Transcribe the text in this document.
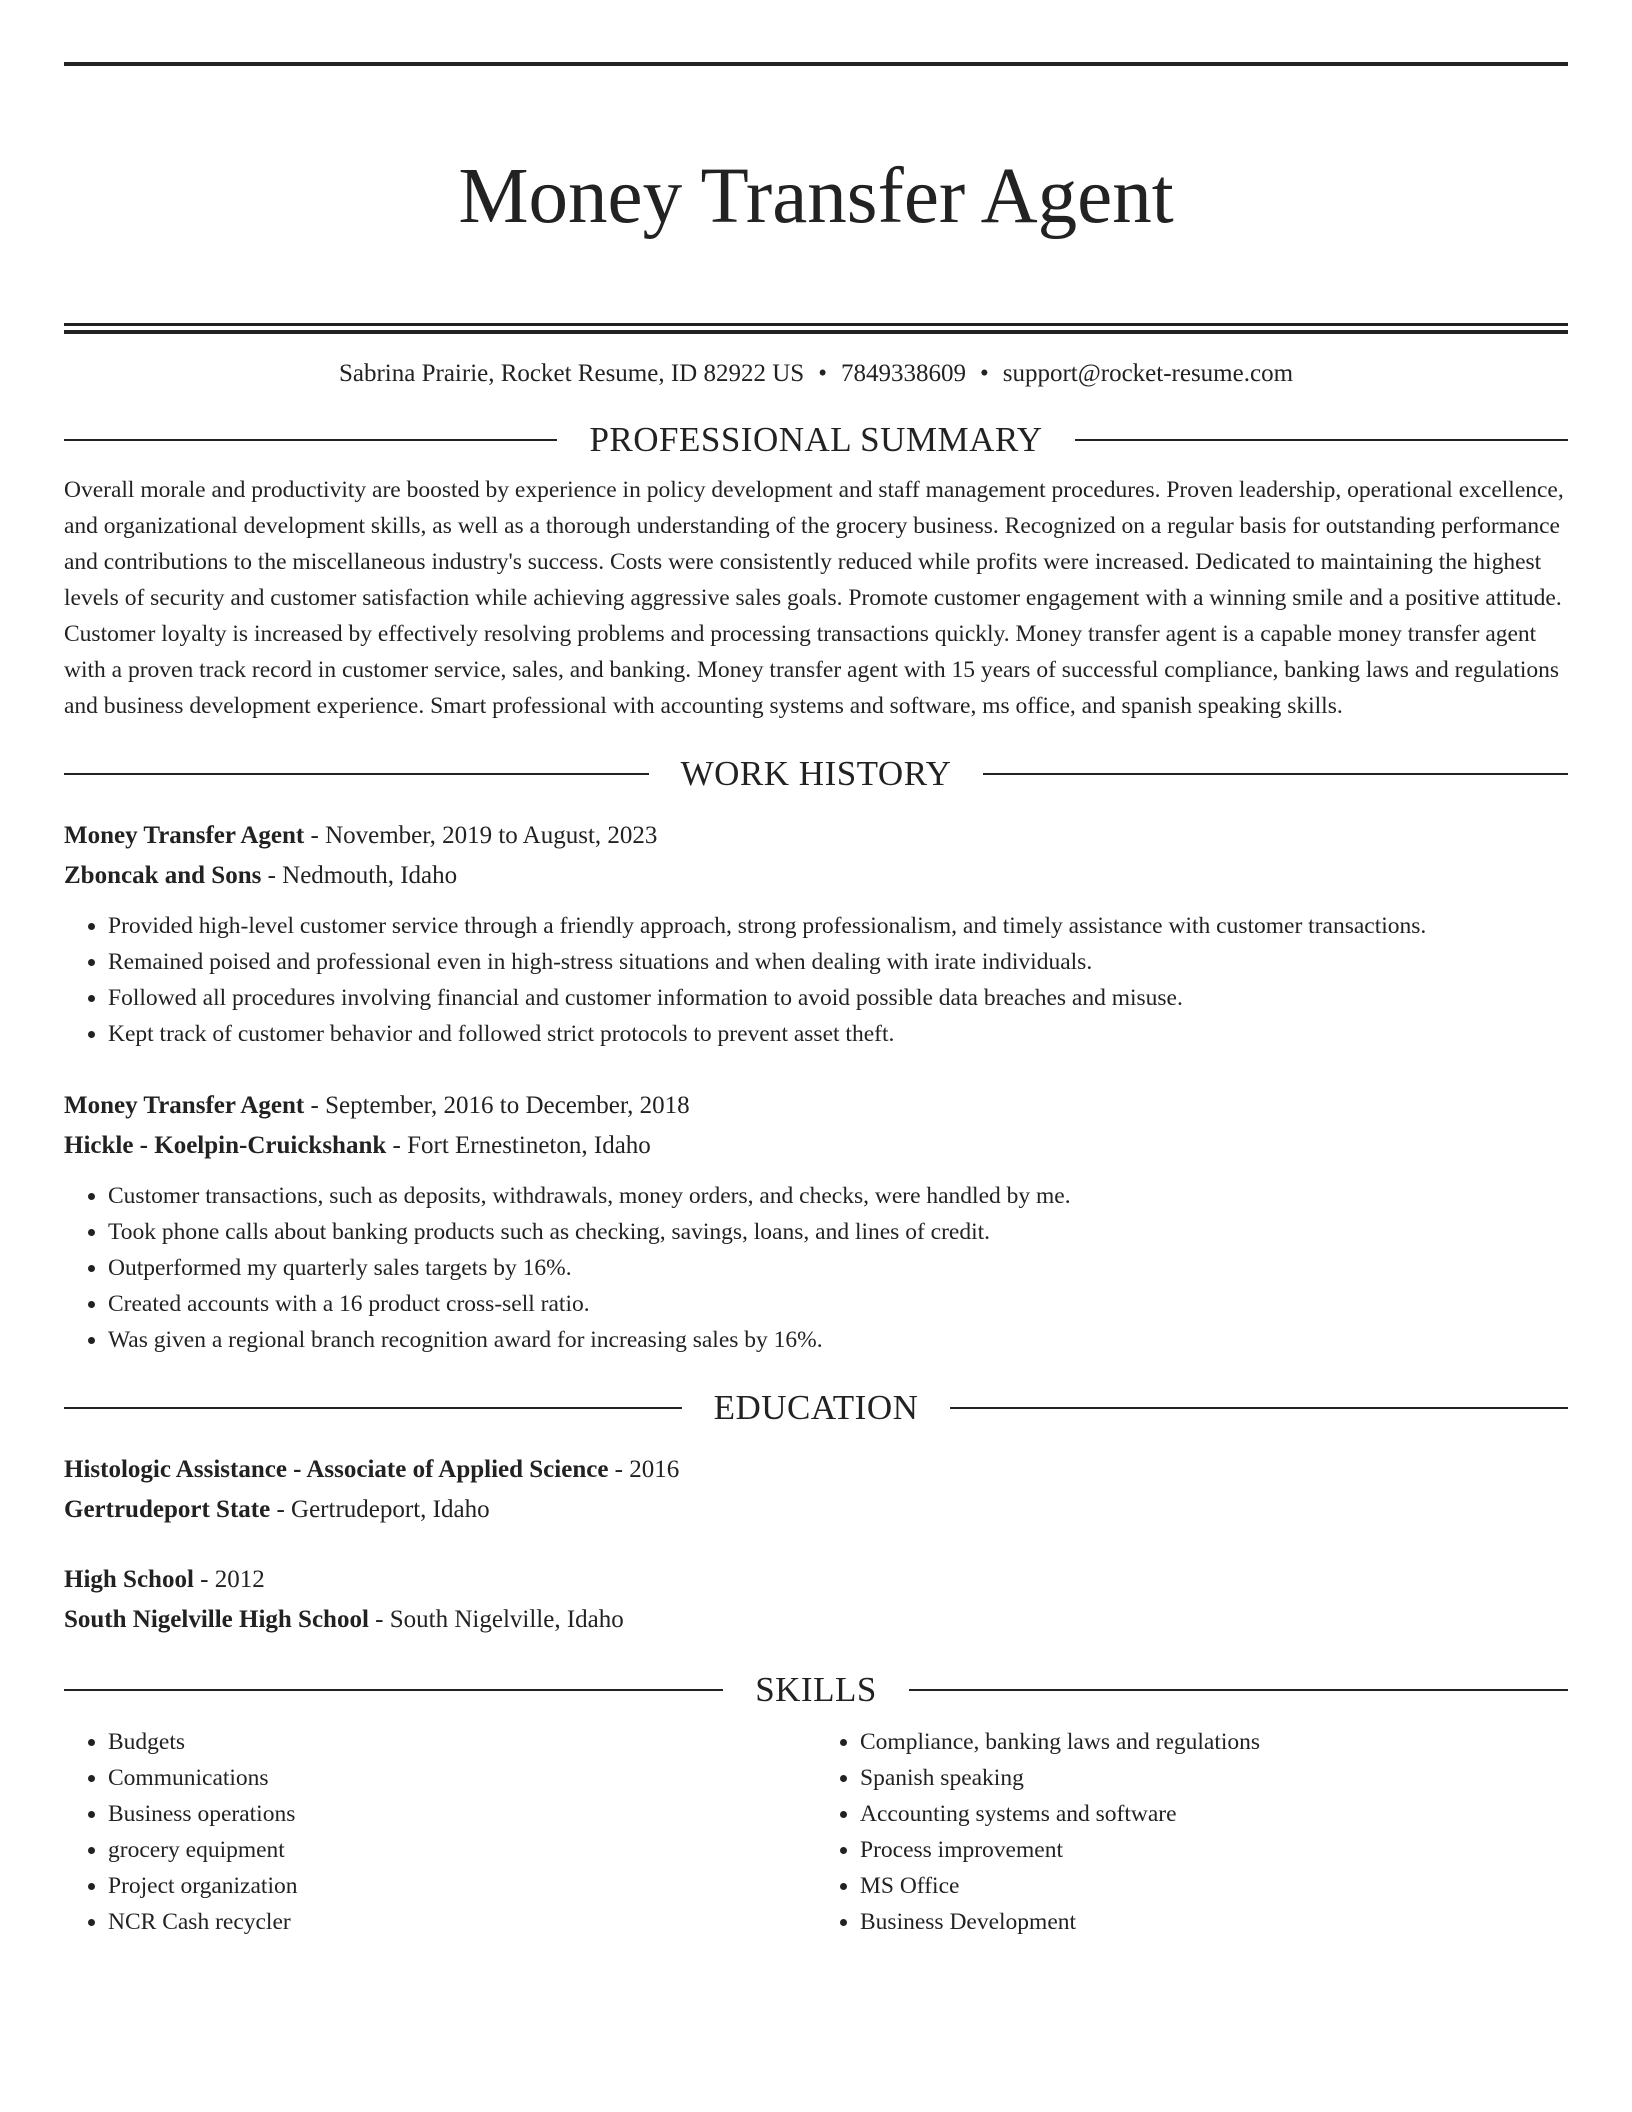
Money Transfer Agent
Sabrina Prairie, Rocket Resume, ID 82922 US • 7849338609 • support@rocket-resume.com
PROFESSIONAL SUMMARY
Overall morale and productivity are boosted by experience in policy development and staff management procedures. Proven leadership, operational excellence, and organizational development skills, as well as a thorough understanding of the grocery business. Recognized on a regular basis for outstanding performance and contributions to the miscellaneous industry's success. Costs were consistently reduced while profits were increased. Dedicated to maintaining the highest levels of security and customer satisfaction while achieving aggressive sales goals. Promote customer engagement with a winning smile and a positive attitude. Customer loyalty is increased by effectively resolving problems and processing transactions quickly. Money transfer agent is a capable money transfer agent with a proven track record in customer service, sales, and banking. Money transfer agent with 15 years of successful compliance, banking laws and regulations and business development experience. Smart professional with accounting systems and software, ms office, and spanish speaking skills.
WORK HISTORY
Money Transfer Agent - November, 2019 to August, 2023
Zboncak and Sons - Nedmouth, Idaho
• Provided high-level customer service through a friendly approach, strong professionalism, and timely assistance with customer transactions.
• Remained poised and professional even in high-stress situations and when dealing with irate individuals.
• Followed all procedures involving financial and customer information to avoid possible data breaches and misuse.
• Kept track of customer behavior and followed strict protocols to prevent asset theft.
Money Transfer Agent - September, 2016 to December, 2018
Hickle - Koelpin-Cruickshank - Fort Ernestineton, Idaho
• Customer transactions, such as deposits, withdrawals, money orders, and checks, were handled by me.
• Took phone calls about banking products such as checking, savings, loans, and lines of credit.
• Outperformed my quarterly sales targets by 16%.
• Created accounts with a 16 product cross-sell ratio.
• Was given a regional branch recognition award for increasing sales by 16%.
EDUCATION
Histologic Assistance - Associate of Applied Science - 2016
Gertrudeport State - Gertrudeport, Idaho
High School - 2012
South Nigelville High School - South Nigelville, Idaho
SKILLS
• Budgets
• Communications
• Business operations
• grocery equipment
• Project organization
• NCR Cash recycler
• Compliance, banking laws and regulations
• Spanish speaking
• Accounting systems and software
• Process improvement
• MS Office
• Business Development
